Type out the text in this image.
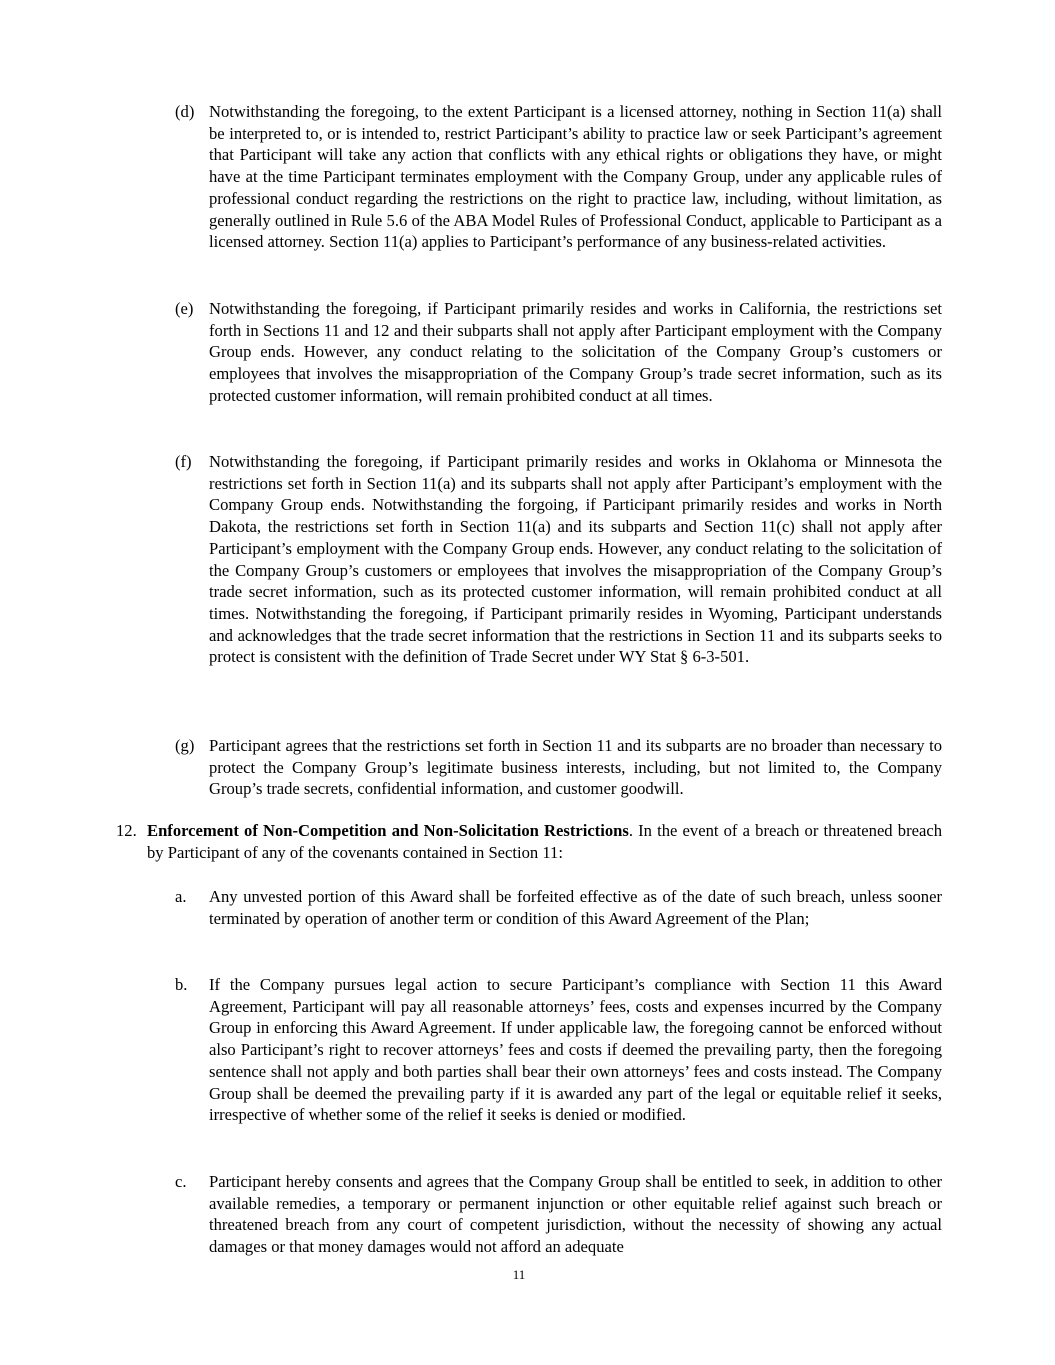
(d) Notwithstanding the foregoing, to the extent Participant is a licensed attorney, nothing in Section 11(a) shall be interpreted to, or is intended to, restrict Participant’s ability to practice law or seek Participant’s agreement that Participant will take any action that conflicts with any ethical rights or obligations they have, or might have at the time Participant terminates employment with the Company Group, under any applicable rules of professional conduct regarding the restrictions on the right to practice law, including, without limitation, as generally outlined in Rule 5.6 of the ABA Model Rules of Professional Conduct, applicable to Participant as a licensed attorney. Section 11(a) applies to Participant’s performance of any business-related activities.
(e) Notwithstanding the foregoing, if Participant primarily resides and works in California, the restrictions set forth in Sections 11 and 12 and their subparts shall not apply after Participant employment with the Company Group ends. However, any conduct relating to the solicitation of the Company Group’s customers or employees that involves the misappropriation of the Company Group’s trade secret information, such as its protected customer information, will remain prohibited conduct at all times.
(f)	Notwithstanding the foregoing, if Participant primarily resides and works in Oklahoma or Minnesota the restrictions set forth in Section 11(a) and its subparts shall not apply after Participant’s employment with the Company Group ends. Notwithstanding the forgoing, if Participant primarily resides and works in North Dakota, the restrictions set forth in Section 11(a) and its subparts and Section 11(c) shall not apply after Participant’s employment with the Company Group ends. However, any conduct relating to the solicitation of the Company Group’s customers or employees that involves the misappropriation of the Company Group’s trade secret information, such as its protected customer information, will remain prohibited conduct at all times. Notwithstanding the foregoing, if Participant primarily resides in Wyoming, Participant understands and acknowledges that the trade secret information that the restrictions in Section 11 and its subparts seeks to protect is consistent with the definition of Trade Secret under WY Stat § 6-3-501.
(g) Participant agrees that the restrictions set forth in Section 11 and its subparts are no broader than necessary to protect the Company Group’s legitimate business interests, including, but not limited to, the Company Group’s trade secrets, confidential information, and customer goodwill.
12. Enforcement of Non-Competition and Non-Solicitation Restrictions. In the event of a breach or threatened breach by Participant of any of the covenants contained in Section 11:
a.	Any unvested portion of this Award shall be forfeited effective as of the date of such breach, unless sooner terminated by operation of another term or condition of this Award Agreement of the Plan;
b.	If the Company pursues legal action to secure Participant’s compliance with Section 11 this Award Agreement, Participant will pay all reasonable attorneys’ fees, costs and expenses incurred by the Company Group in enforcing this Award Agreement. If under applicable law, the foregoing cannot be enforced without also Participant’s right to recover attorneys’ fees and costs if deemed the prevailing party, then the foregoing sentence shall not apply and both parties shall bear their own attorneys’ fees and costs instead. The Company Group shall be deemed the prevailing party if it is awarded any part of the legal or equitable relief it seeks, irrespective of whether some of the relief it seeks is denied or modified.
c.	Participant hereby consents and agrees that the Company Group shall be entitled to seek, in addition to other available remedies, a temporary or permanent injunction or other equitable relief against such breach or threatened breach from any court of competent jurisdiction, without the necessity of showing any actual damages or that money damages would not afford an adequate
11
